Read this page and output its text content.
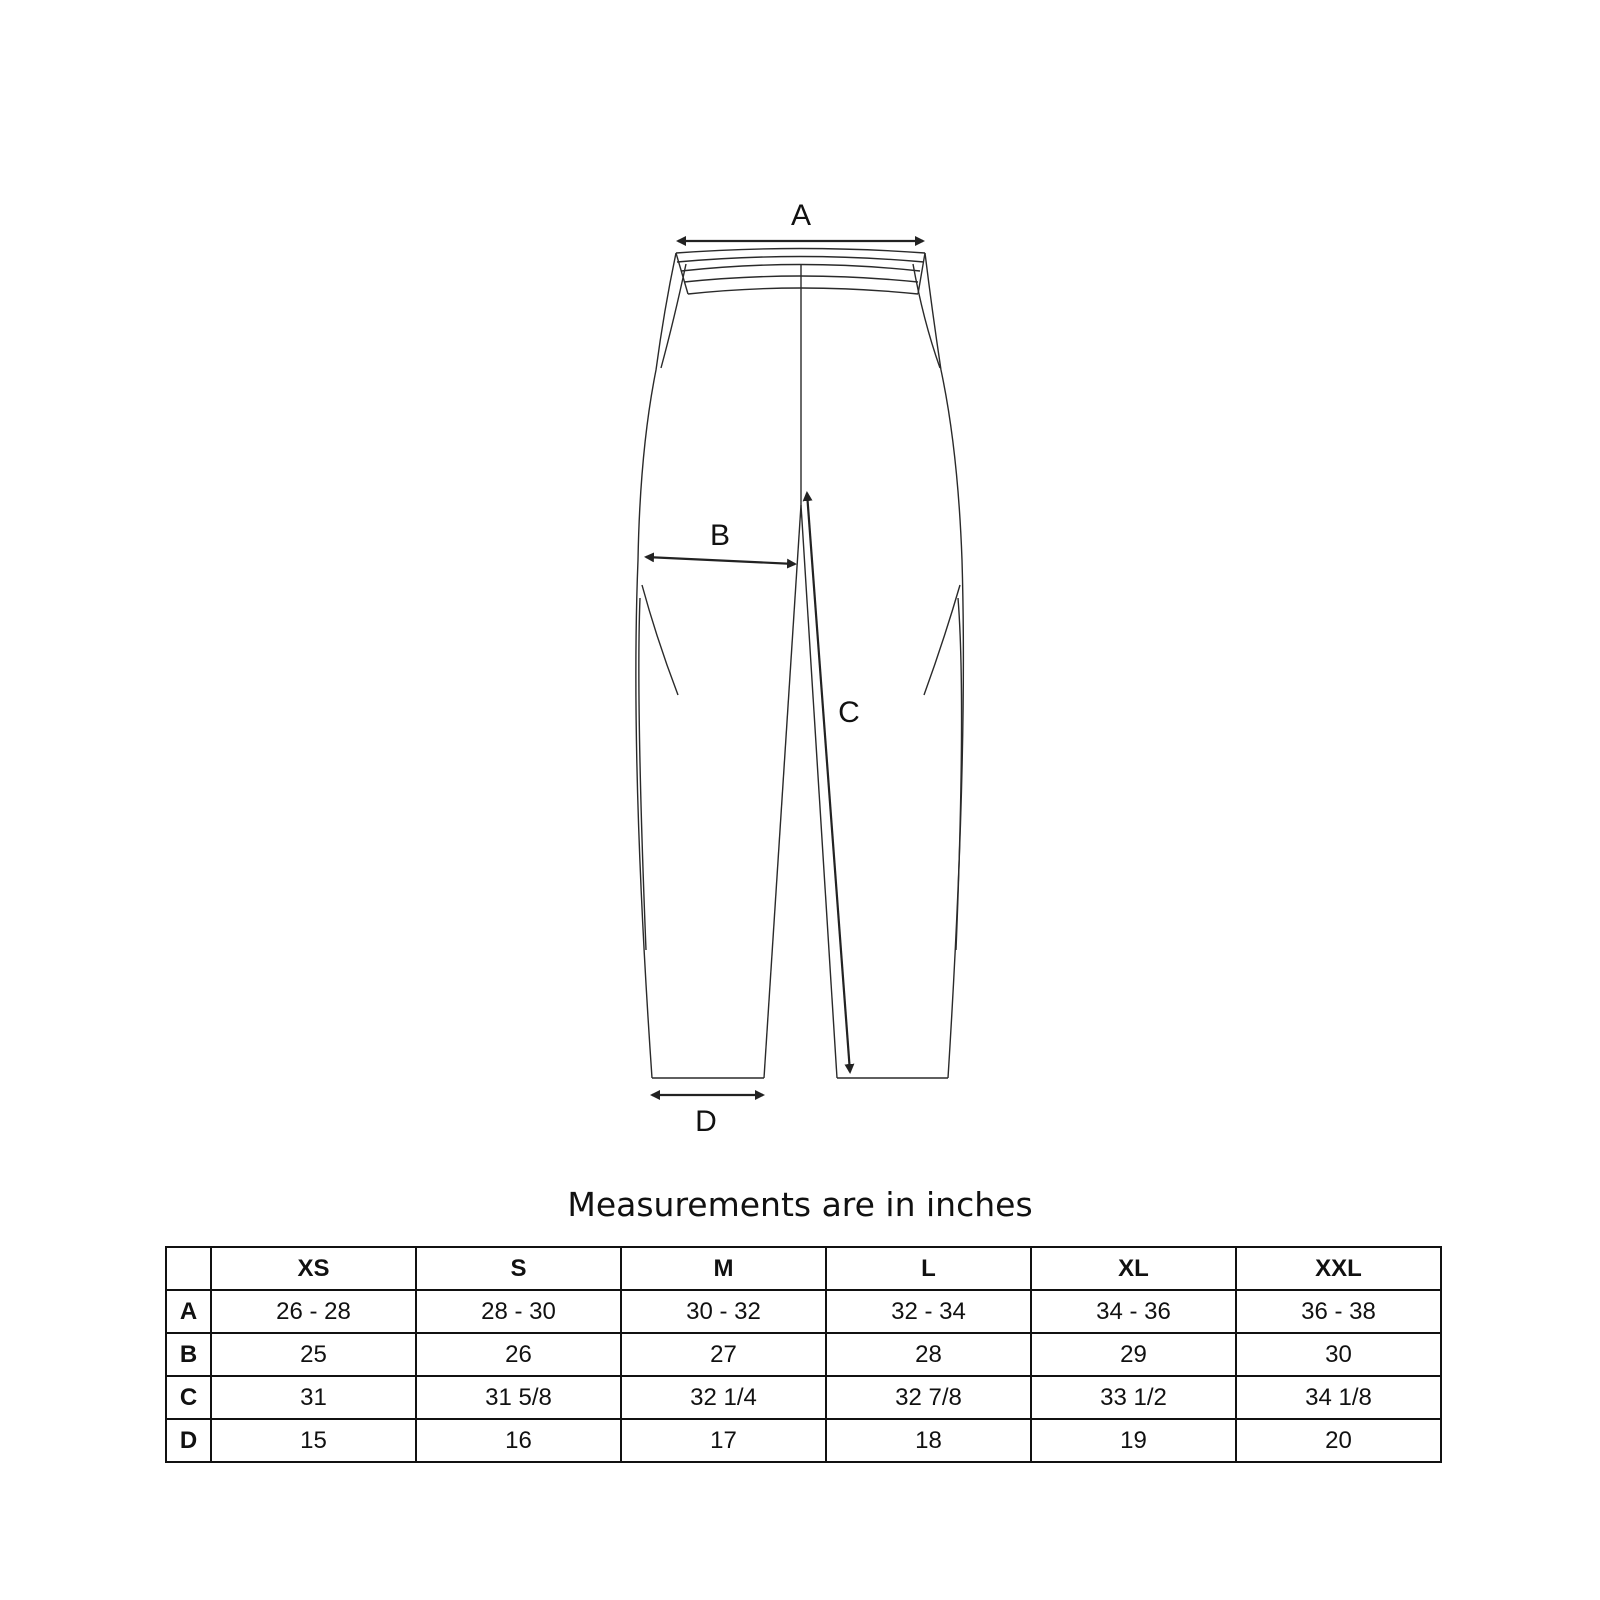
A
B
C
D
Measurements are in inches
	XS	S	M	L	XL	XXL
A	26 - 28	28 - 30	30 - 32	32 - 34	34 - 36	36 - 38
B	25	26	27	28	29	30
C	31	31 5/8	32 1/4	32 7/8	33 1/2	34 1/8
D	15	16	17	18	19	20
